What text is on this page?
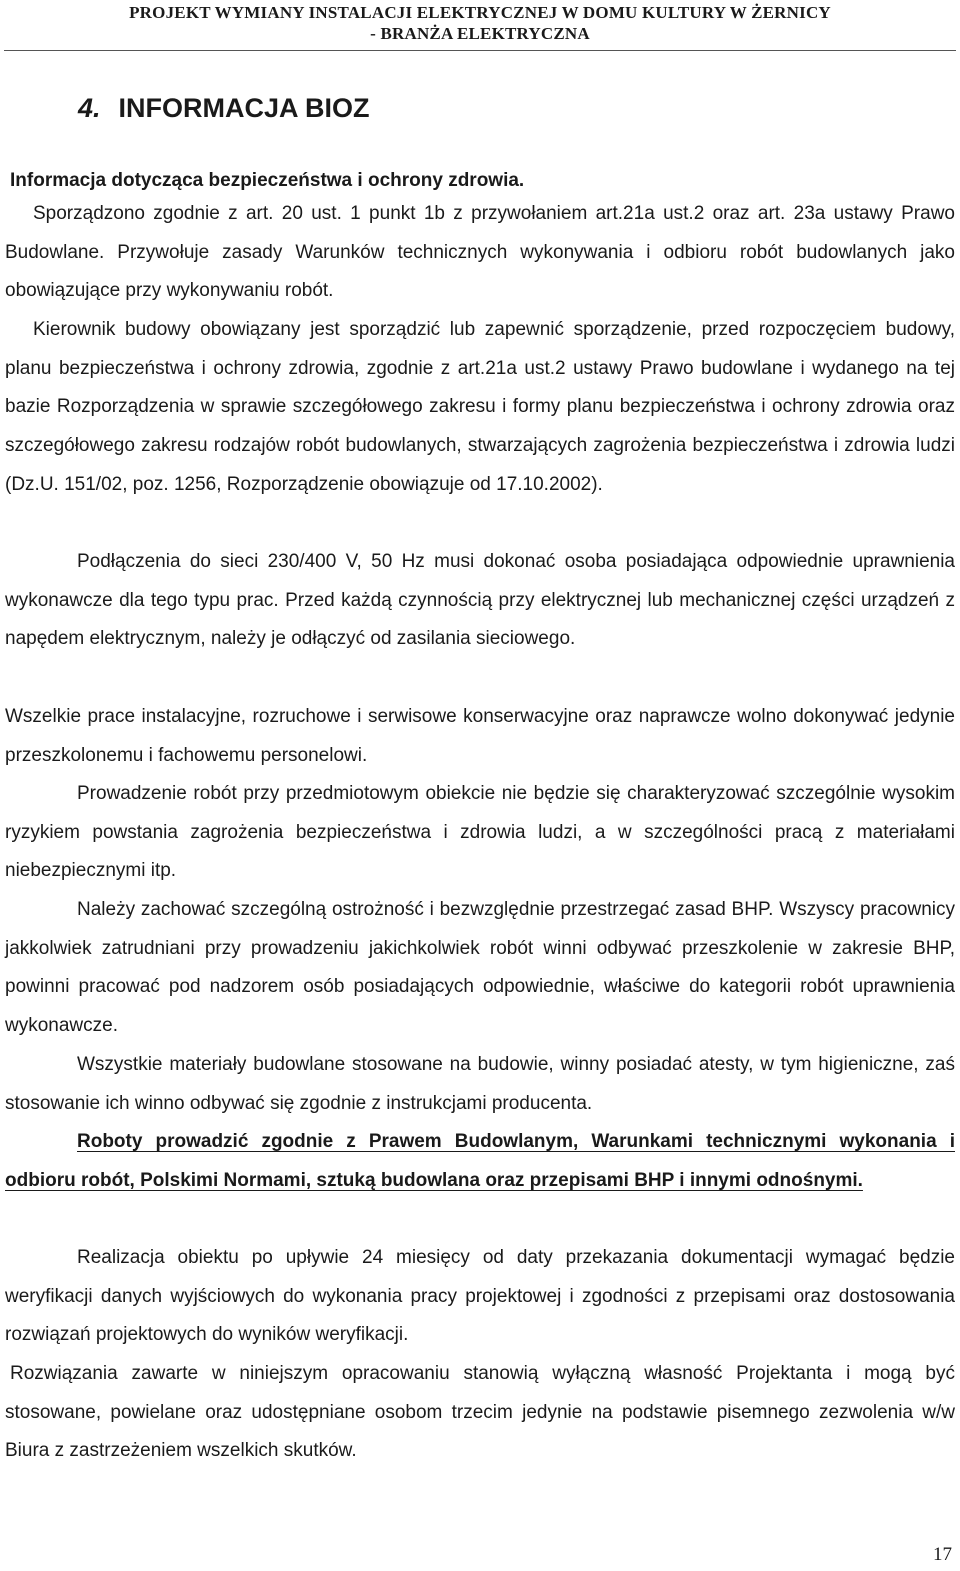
PROJEKT WYMIANY INSTALACJI ELEKTRYCZNEJ W DOMU KULTURY W ŻERNICY
- BRANŻA ELEKTRYCZNA
4. INFORMACJA BIOZ

Informacja dotycząca bezpieczeństwa i ochrony zdrowia.

Sporządzono zgodnie z art. 20 ust. 1 punkt 1b z przywołaniem art.21a ust.2 oraz art. 23a ustawy Prawo Budowlane. Przywołuje zasady Warunków technicznych wykonywania i odbioru robót budowlanych jako obowiązujące przy wykonywaniu robót.

Kierownik budowy obowiązany jest sporządzić lub zapewnić sporządzenie, przed rozpoczęciem budowy, planu bezpieczeństwa i ochrony zdrowia, zgodnie z art.21a ust.2 ustawy Prawo budowlane i wydanego na tej bazie Rozporządzenia w sprawie szczegółowego zakresu i formy planu bezpieczeństwa i ochrony zdrowia oraz szczegółowego zakresu rodzajów robót budowlanych, stwarzających zagrożenia bezpieczeństwa i zdrowia ludzi (Dz.U. 151/02, poz. 1256, Rozporządzenie obowiązuje od 17.10.2002).

Podłączenia do sieci 230/400 V, 50 Hz musi dokonać osoba posiadająca odpowiednie uprawnienia wykonawcze dla tego typu prac. Przed każdą czynnością przy elektrycznej lub mechanicznej części urządzeń z napędem elektrycznym, należy je odłączyć od zasilania sieciowego.

Wszelkie prace instalacyjne, rozruchowe i serwisowe konserwacyjne oraz naprawcze wolno dokonywać jedynie przeszkolonemu i fachowemu personelowi.

Prowadzenie robót przy przedmiotowym obiekcie nie będzie się charakteryzować szczególnie wysokim ryzykiem powstania zagrożenia bezpieczeństwa i zdrowia ludzi, a w szczególności pracą z materiałami niebezpiecznymi itp.

Należy zachować szczególną ostrożność i bezwzględnie przestrzegać zasad BHP. Wszyscy pracownicy jakkolwiek zatrudniani przy prowadzeniu jakichkolwiek robót winni odbywać przeszkolenie w zakresie BHP, powinni pracować pod nadzorem osób posiadających odpowiednie, właściwe do kategorii robót uprawnienia wykonawcze.

Wszystkie materiały budowlane stosowane na budowie, winny posiadać atesty, w tym higieniczne, zaś stosowanie ich winno odbywać się zgodnie z instrukcjami producenta.

Roboty prowadzić zgodnie z Prawem Budowlanym, Warunkami technicznymi wykonania i odbioru robót, Polskimi Normami, sztuką budowlana oraz przepisami BHP i innymi odnośnymi.

Realizacja obiektu po upływie 24 miesięcy od daty przekazania dokumentacji wymagać będzie weryfikacji danych wyjściowych do wykonania pracy projektowej i zgodności z przepisami oraz dostosowania rozwiązań projektowych do wyników weryfikacji.

Rozwiązania zawarte w niniejszym opracowaniu stanowią wyłączną własność Projektanta i mogą być stosowane, powielane oraz udostępniane osobom trzecim jedynie na podstawie pisemnego zezwolenia w/w Biura z zastrzeżeniem wszelkich skutków.

17
